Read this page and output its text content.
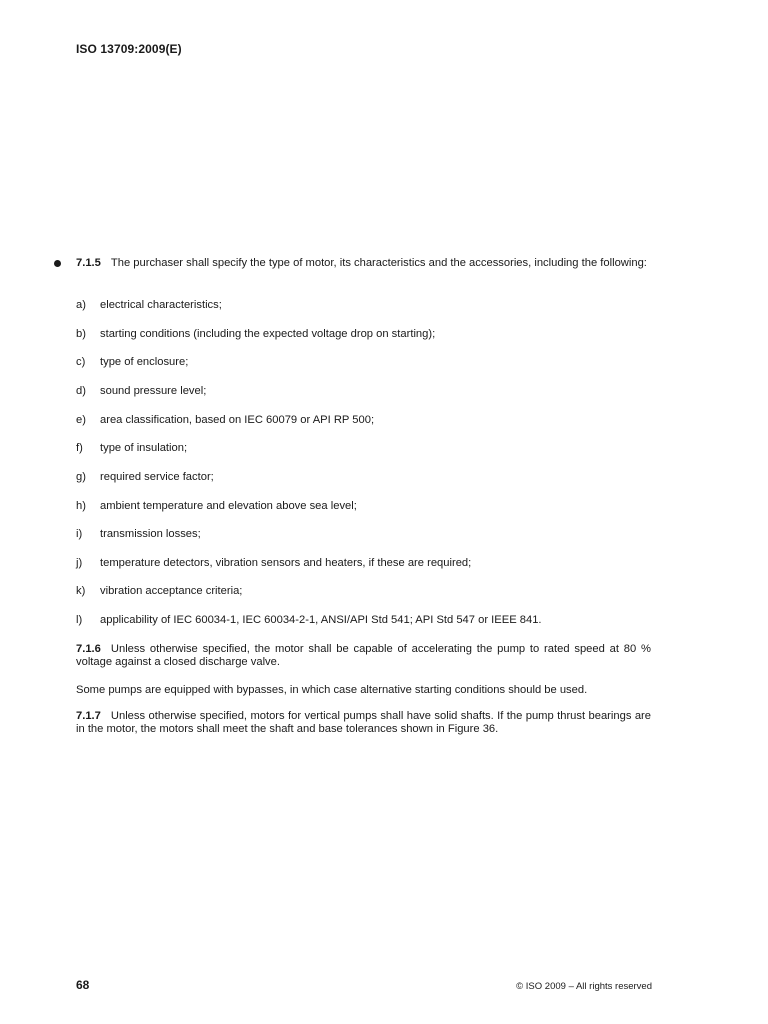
ISO 13709:2009(E)
7.1.5 The purchaser shall specify the type of motor, its characteristics and the accessories, including the following:
a) electrical characteristics;
b) starting conditions (including the expected voltage drop on starting);
c) type of enclosure;
d) sound pressure level;
e) area classification, based on IEC 60079 or API RP 500;
f) type of insulation;
g) required service factor;
h) ambient temperature and elevation above sea level;
i) transmission losses;
j) temperature detectors, vibration sensors and heaters, if these are required;
k) vibration acceptance criteria;
l) applicability of IEC 60034-1, IEC 60034-2-1, ANSI/API Std 541; API Std 547 or IEEE 841.
7.1.6 Unless otherwise specified, the motor shall be capable of accelerating the pump to rated speed at 80 % voltage against a closed discharge valve.
Some pumps are equipped with bypasses, in which case alternative starting conditions should be used.
7.1.7 Unless otherwise specified, motors for vertical pumps shall have solid shafts. If the pump thrust bearings are in the motor, the motors shall meet the shaft and base tolerances shown in Figure 36.
68	© ISO 2009 – All rights reserved
